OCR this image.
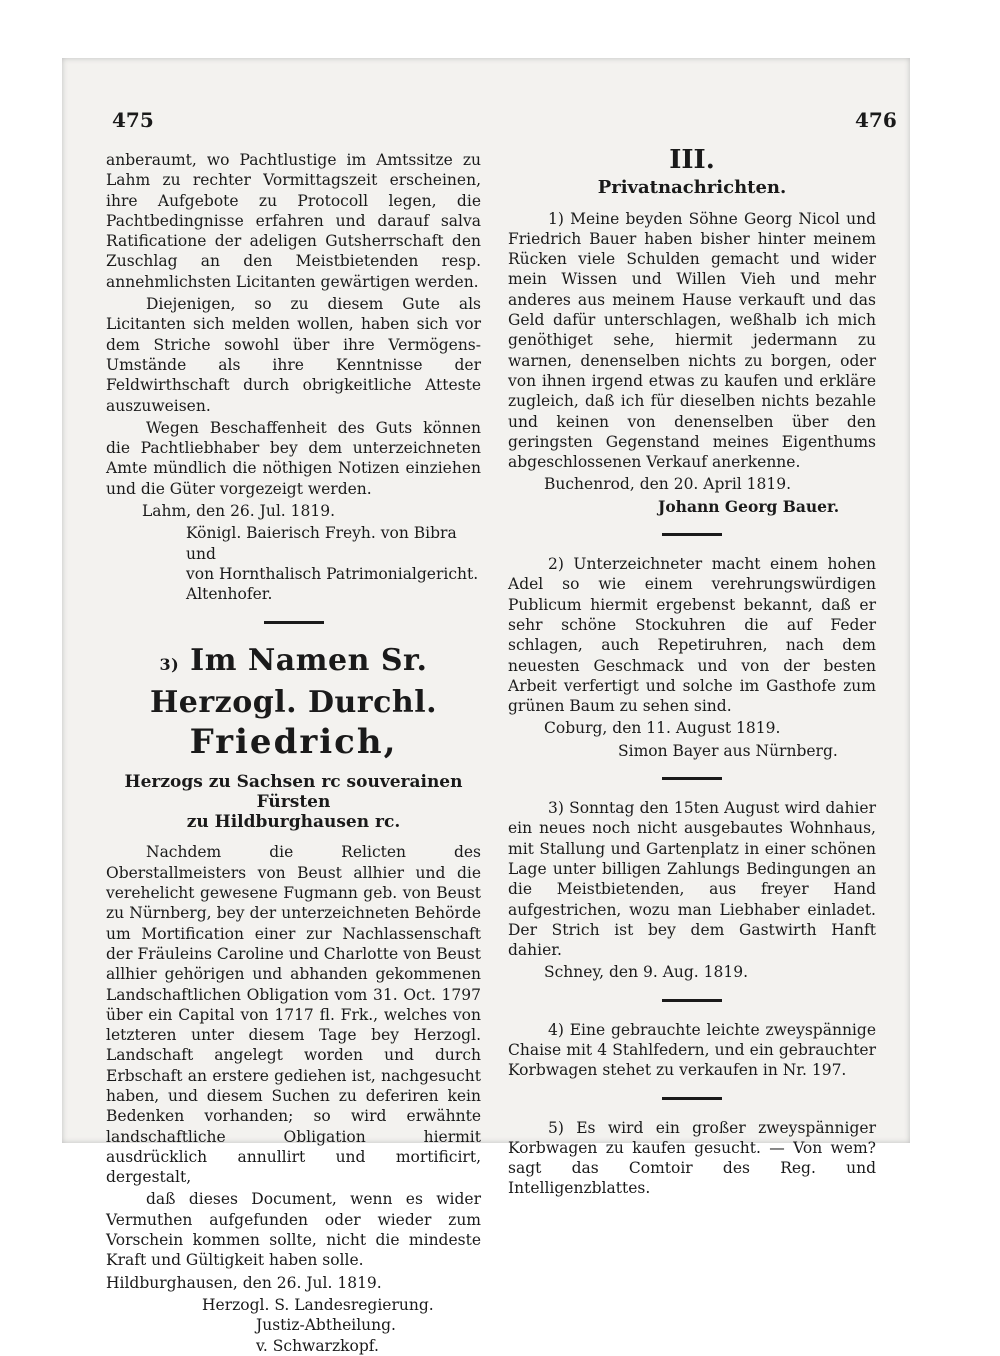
475	476

anberaumt, wo Pachtlustige im Amtssitze zu Lahm zu rechter Vormittagszeit erscheinen, ihre Aufgebote zu Protocoll legen, die Pachtbedingnisse erfahren und darauf salva Ratificatione der adeligen Gutsherrschaft den Zuschlag an den Meistbietenden resp. annehmlichsten Licitanten gewärtigen werden.

Diejenigen, so zu diesem Gute als Licitanten sich melden wollen, haben sich vor dem Striche sowohl über ihre Vermögens-Umstände als ihre Kenntnisse der Feldwirthschaft durch obrigkeitliche Atteste auszuweisen.

Wegen Beschaffenheit des Guts können die Pachtliebhaber bey dem unterzeichneten Amte mündlich die nöthigen Notizen einziehen und die Güter vorgezeigt werden.

Lahm, den 26. Jul. 1819.

Königl. Baierisch Freyh. von Bibra und

von Hornthalisch Patrimonialgericht.

Altenhofer.

3) Im Namen Sr. Herzogl. Durchl.

Friedrich,

Herzogs zu Sachsen rc souverainen Fürsten

zu Hildburghausen rc.

Nachdem die Relicten des Oberstallmeisters von Beust allhier und die verehelicht gewesene Fugmann geb. von Beust zu Nürnberg, bey der unterzeichneten Behörde um Mortification einer zur Nachlassenschaft der Fräuleins Caroline und Charlotte von Beust allhier gehörigen und abhanden gekommenen Landschaftlichen Obligation vom 31. Oct. 1797 über ein Capital von 1717 fl. Frk., welches von letzteren unter diesem Tage bey Herzogl. Landschaft angelegt worden und durch Erbschaft an erstere gediehen ist, nachgesucht haben, und diesem Suchen zu deferiren kein Bedenken vorhanden; so wird erwähnte landschaftliche Obligation hiermit ausdrücklich annullirt und mortificirt, dergestalt,

daß dieses Document, wenn es wider Vermuthen aufgefunden oder wieder zum Vorschein kommen sollte, nicht die mindeste Kraft und Gültigkeit haben solle.

Hildburghausen, den 26. Jul. 1819.

Herzogl. S. Landesregierung.

Justiz-Abtheilung.

v. Schwarzkopf.

III.

Privatnachrichten.

1) Meine beyden Söhne Georg Nicol und Friedrich Bauer haben bisher hinter meinem Rücken viele Schulden gemacht und wider mein Wissen und Willen Vieh und mehr anderes aus meinem Hause verkauft und das Geld dafür unterschlagen, weßhalb ich mich genöthiget sehe, hiermit jedermann zu warnen, denenselben nichts zu borgen, oder von ihnen irgend etwas zu kaufen und erkläre zugleich, daß ich für dieselben nichts bezahle und keinen von denenselben über den geringsten Gegenstand meines Eigenthums abgeschlossenen Verkauf anerkenne.

Buchenrod, den 20. April 1819.

Johann Georg Bauer.

2) Unterzeichneter macht einem hohen Adel so wie einem verehrungswürdigen Publicum hiermit ergebenst bekannt, daß er sehr schöne Stockuhren die auf Feder schlagen, auch Repetiruhren, nach dem neuesten Geschmack und von der besten Arbeit verfertigt und solche im Gasthofe zum grünen Baum zu sehen sind.

Coburg, den 11. August 1819.

Simon Bayer aus Nürnberg.

3) Sonntag den 15ten August wird dahier ein neues noch nicht ausgebautes Wohnhaus, mit Stallung und Gartenplatz in einer schönen Lage unter billigen Zahlungs Bedingungen an die Meistbietenden, aus freyer Hand aufgestrichen, wozu man Liebhaber einladet. Der Strich ist bey dem Gastwirth Hanft dahier.

Schney, den 9. Aug. 1819.

4) Eine gebrauchte leichte zweyspännige Chaise mit 4 Stahlfedern, und ein gebrauchter Korbwagen stehet zu verkaufen in Nr. 197.

5) Es wird ein großer zweyspänniger Korbwagen zu kaufen gesucht. — Von wem? sagt das Comtoir des Reg. und Intelligenzblattes.
